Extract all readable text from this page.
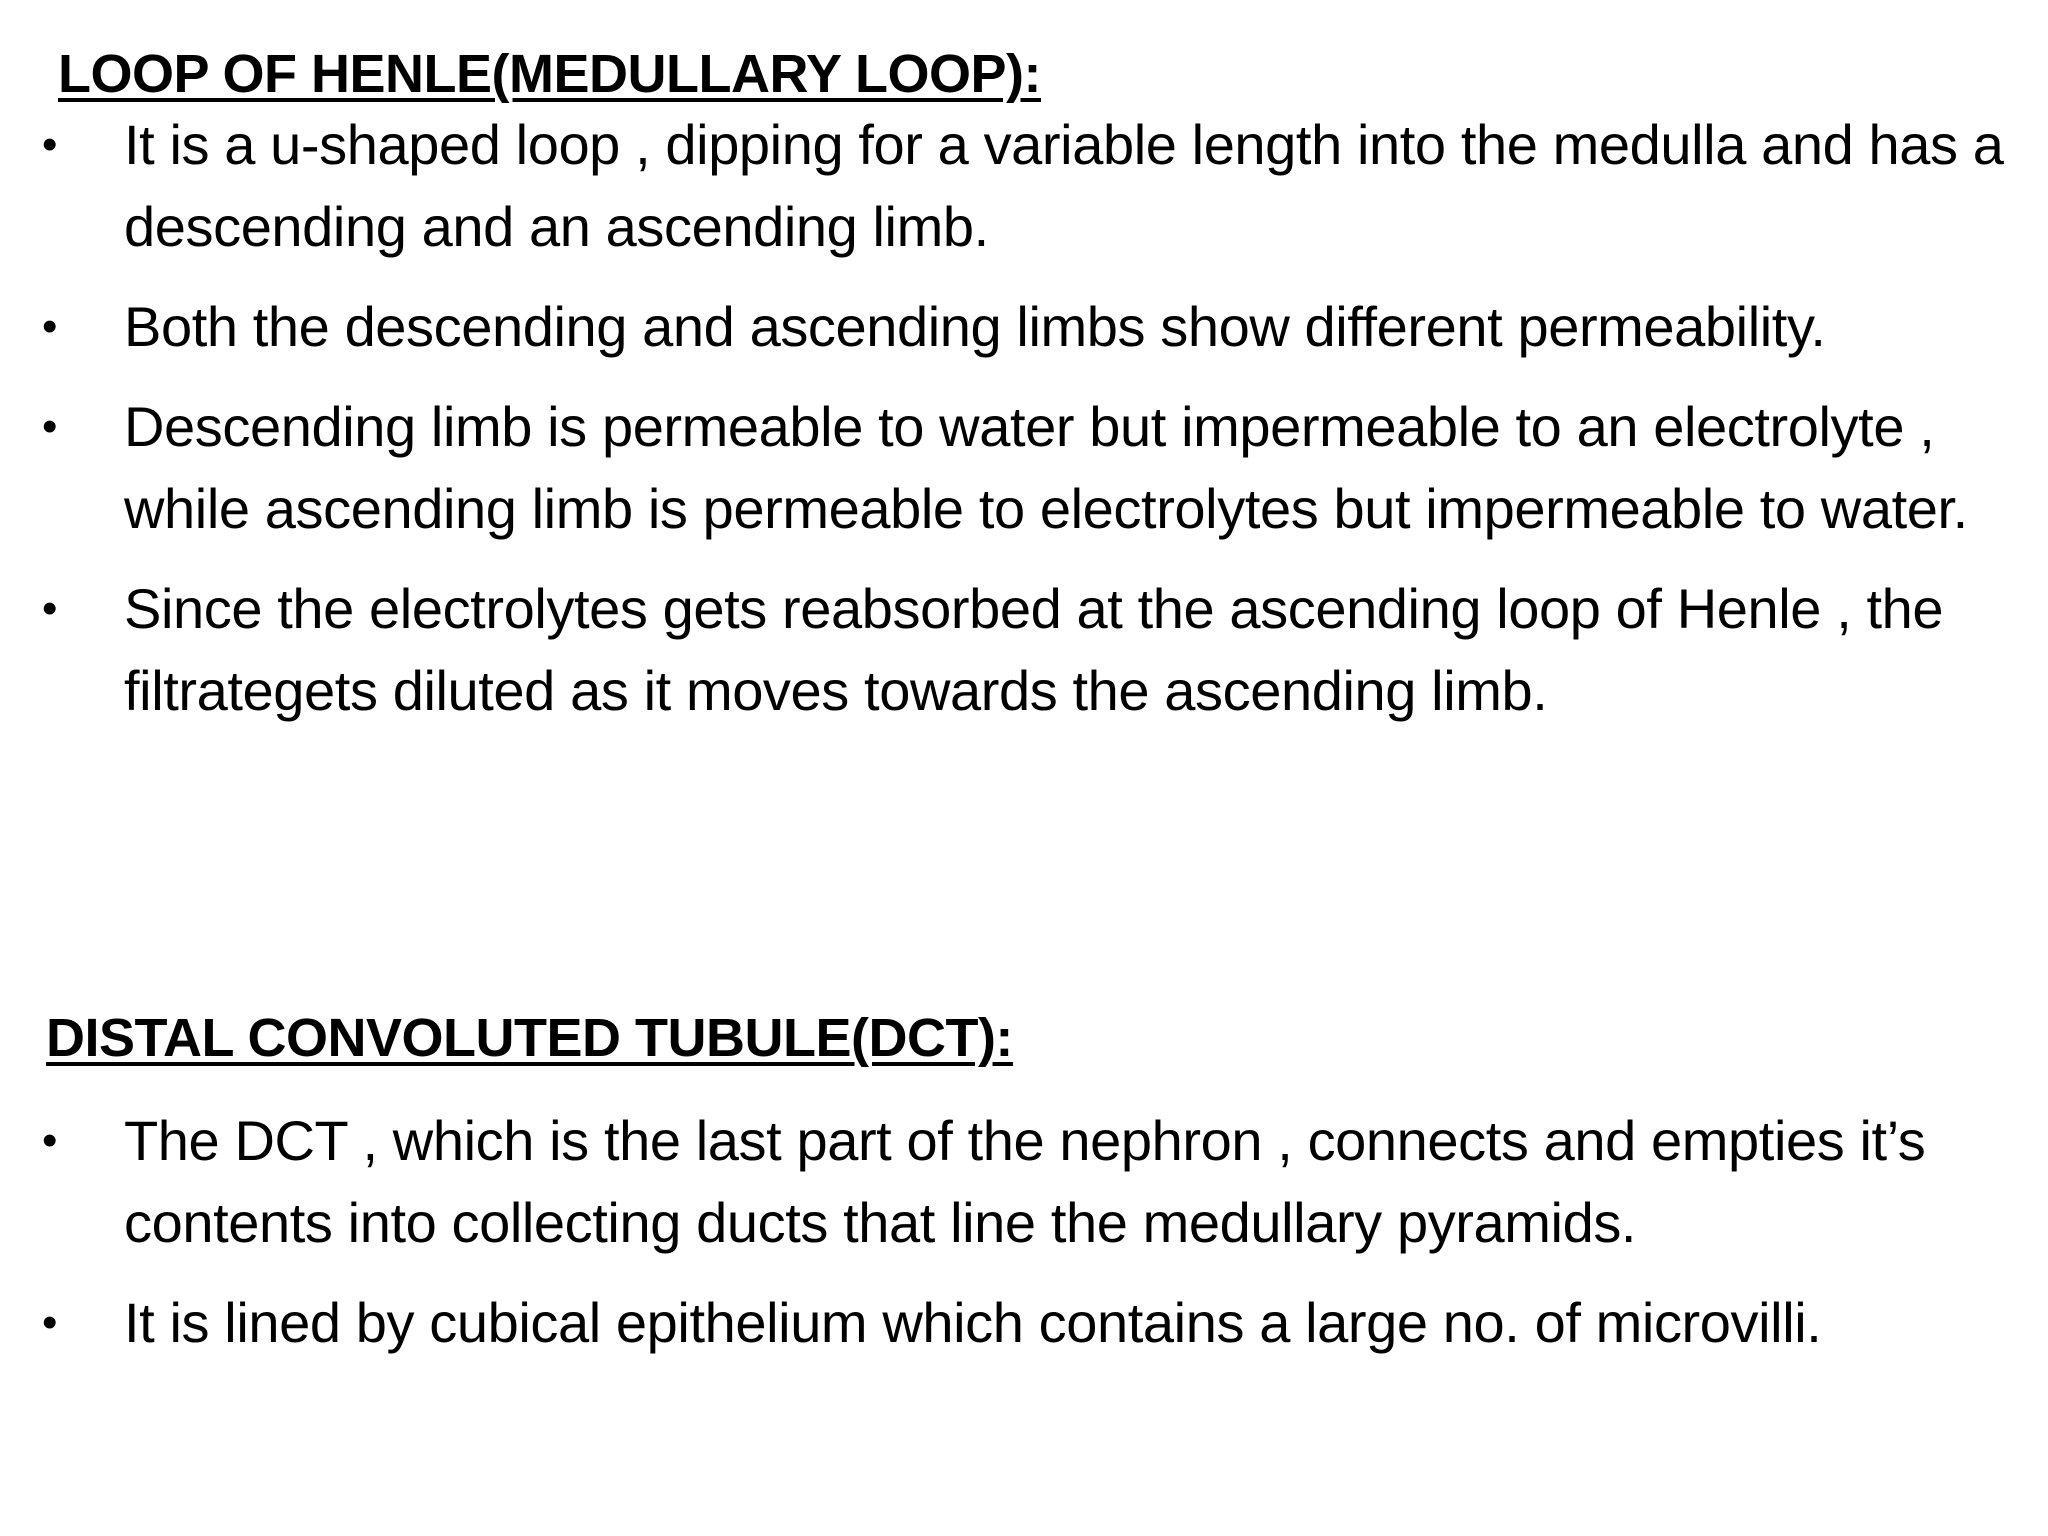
LOOP OF HENLE(MEDULLARY LOOP):
• It is a u-shaped loop , dipping for a variable length into the medulla and has a descending and an ascending limb.
• Both the descending and ascending limbs show different permeability.
• Descending limb is permeable to water but impermeable to an electrolyte , while ascending limb is permeable to electrolytes but impermeable to water.
• Since the electrolytes gets reabsorbed at the ascending loop of Henle , the filtrategets diluted as it moves towards the ascending limb.
DISTAL CONVOLUTED TUBULE(DCT):
• The DCT , which is the last part of the nephron , connects and empties it’s contents into collecting ducts that line the medullary pyramids.
• It is lined by cubical epithelium which contains a large no. of microvilli.
